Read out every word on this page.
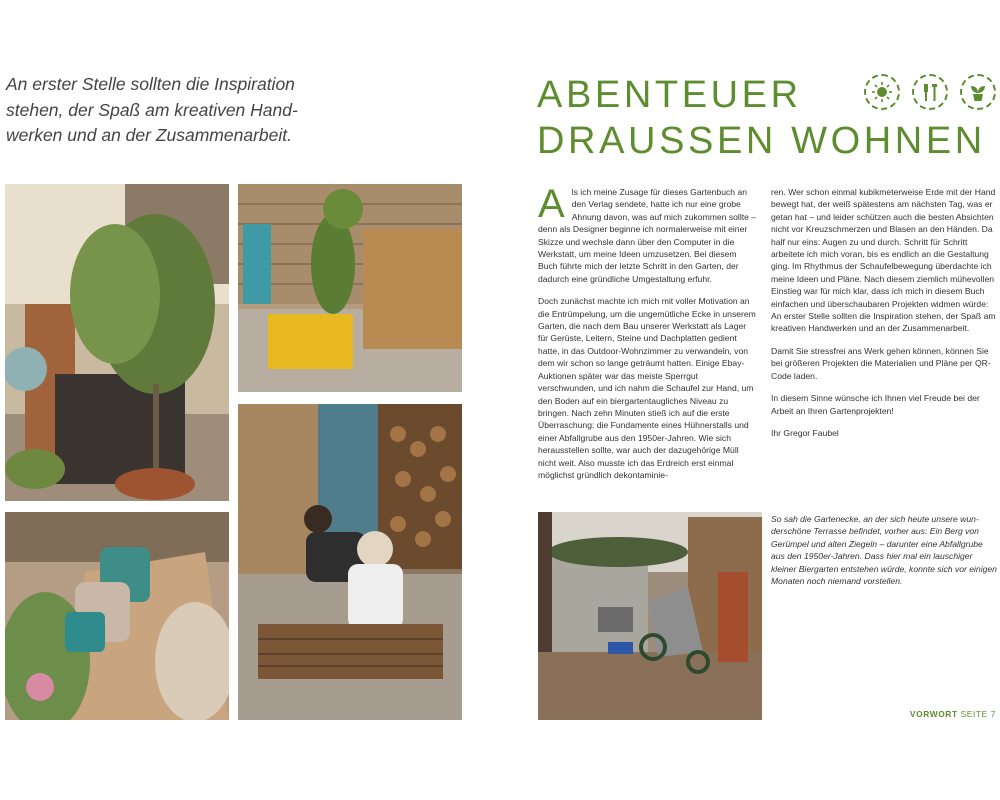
An erster Stelle sollten die Inspiration stehen, der Spaß am kreativen Handwerken und an der Zusammenarbeit.
ABENTEUER
DRAUSSEN WOHNEN

Als ich meine Zusage für dieses Gartenbuch an den Verlag sendete, hatte ich nur eine grobe Ahnung davon, was auf mich zukommen sollte – denn als Designer beginne ich normalerweise mit einer Skizze und wechsle dann über den Computer in die Werkstatt, um meine Ideen umzusetzen. Bei diesem Buch führte mich der letzte Schritt in den Garten, der dadurch eine gründliche Umgestaltung erfuhr.

Doch zunächst machte ich mich mit voller Motivation an die Entrümpelung, um die ungemütliche Ecke in unserem Garten, die nach dem Bau unserer Werkstatt als Lager für Gerüste, Leitern, Steine und Dachplatten gedient hatte, in das Outdoor-Wohnzimmer zu verwandeln, von dem wir schon so lange geträumt hatten. Einige Ebay-Auktionen später war das meiste Sperrgut verschwunden, und ich nahm die Schaufel zur Hand, um den Boden auf ein biergartentaugliches Niveau zu bringen. Nach zehn Minuten stieß ich auf die erste Überraschung: die Fundamente eines Hühnerstalls und einer Abfallgrube aus den 1950er-Jahren. Wie sich herausstellen sollte, war auch der dazugehörige Müll nicht weit. Also musste ich das Erdreich erst einmal möglichst gründlich dekontaminie-

ren. Wer schon einmal kubikmeterweise Erde mit der Hand bewegt hat, der weiß spätestens am nächsten Tag, was er getan hat – und leider schützen auch die besten Absichten nicht vor Kreuzschmerzen und Blasen an den Händen. Da half nur eins: Augen zu und durch. Schritt für Schritt arbeitete ich mich voran, bis es endlich an die Gestaltung ging. Im Rhythmus der Schaufelbewegung überdachte ich meine Ideen und Pläne. Nach diesem ziemlich mühevollen Einstieg war für mich klar, dass ich mich in diesem Buch einfachen und überschaubaren Projekten widmen würde: An erster Stelle sollten die Inspiration stehen, der Spaß am kreativen Handwerken und an der Zusammenarbeit.

Damit Sie stressfrei ans Werk gehen können, können Sie bei größeren Projekten die Materialien und Pläne per QR-Code laden.

In diesem Sinne wünsche ich Ihnen viel Freude bei der Arbeit an Ihren Gartenprojekten!

Ihr Gregor Faubel

So sah die Gartenecke, an der sich heute unsere wunderschöne Terrasse befindet, vorher aus: Ein Berg von Gerümpel und alten Ziegeln – darunter eine Abfallgrube aus den 1950er-Jahren. Dass hier mal ein lauschiger kleiner Biergarten entstehen würde, konnte sich vor einigen Monaten noch niemand vorstellen.
VORWORT SEITE 7
